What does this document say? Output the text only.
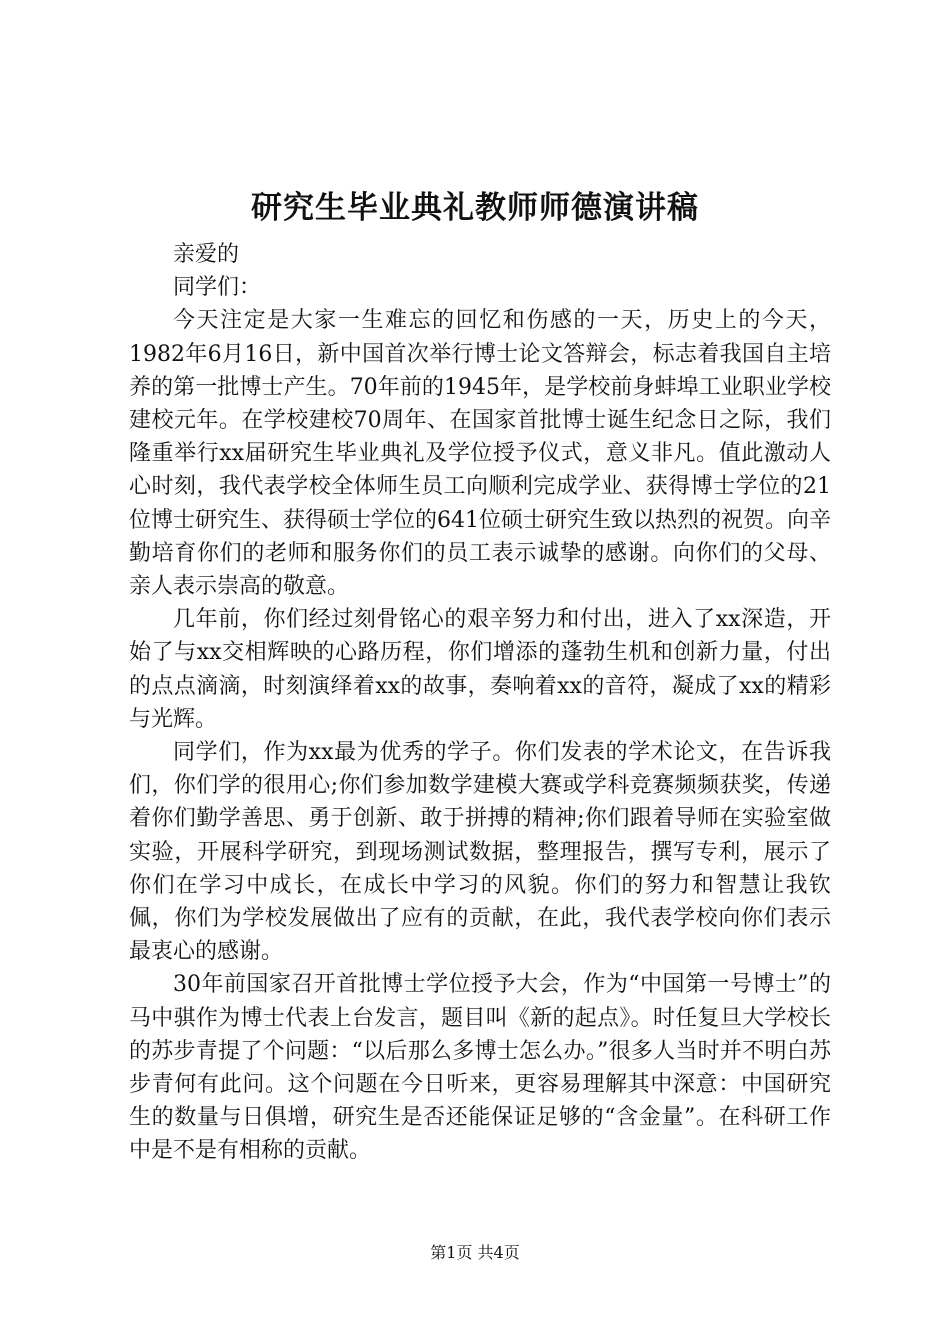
研究生毕业典礼教师师德演讲稿

亲爱的

同学们：

今天注定是大家一生难忘的回忆和伤感的一天，历史上的今天，1982年6月16日，新中国首次举行博士论文答辩会，标志着我国自主培养的第一批博士产生。70年前的1945年，是学校前身蚌埠工业职业学校建校元年。在学校建校70周年、在国家首批博士诞生纪念日之际，我们隆重举行xx届研究生毕业典礼及学位授予仪式，意义非凡。值此激动人心时刻，我代表学校全体师生员工向顺利完成学业、获得博士学位的21位博士研究生、获得硕士学位的641位硕士研究生致以热烈的祝贺。向辛勤培育你们的老师和服务你们的员工表示诚挚的感谢。向你们的父母、亲人表示崇高的敬意。

几年前，你们经过刻骨铭心的艰辛努力和付出，进入了xx深造，开始了与xx交相辉映的心路历程，你们增添的蓬勃生机和创新力量，付出的点点滴滴，时刻演绎着xx的故事，奏响着xx的音符，凝成了xx的精彩与光辉。

同学们，作为xx最为优秀的学子。你们发表的学术论文，在告诉我们，你们学的很用心;你们参加数学建模大赛或学科竞赛频频获奖，传递着你们勤学善思、勇于创新、敢于拼搏的精神;你们跟着导师在实验室做实验，开展科学研究，到现场测试数据，整理报告，撰写专利，展示了你们在学习中成长，在成长中学习的风貌。你们的努力和智慧让我钦佩，你们为学校发展做出了应有的贡献，在此，我代表学校向你们表示最衷心的感谢。

30年前国家召开首批博士学位授予大会，作为“中国第一号博士”的马中骐作为博士代表上台发言，题目叫《新的起点》。时任复旦大学校长的苏步青提了个问题：“以后那么多博士怎么办。”很多人当时并不明白苏步青何有此问。这个问题在今日听来，更容易理解其中深意：中国研究生的数量与日俱增，研究生是否还能保证足够的“含金量”。在科研工作中是不是有相称的贡献。

第1页 共4页
